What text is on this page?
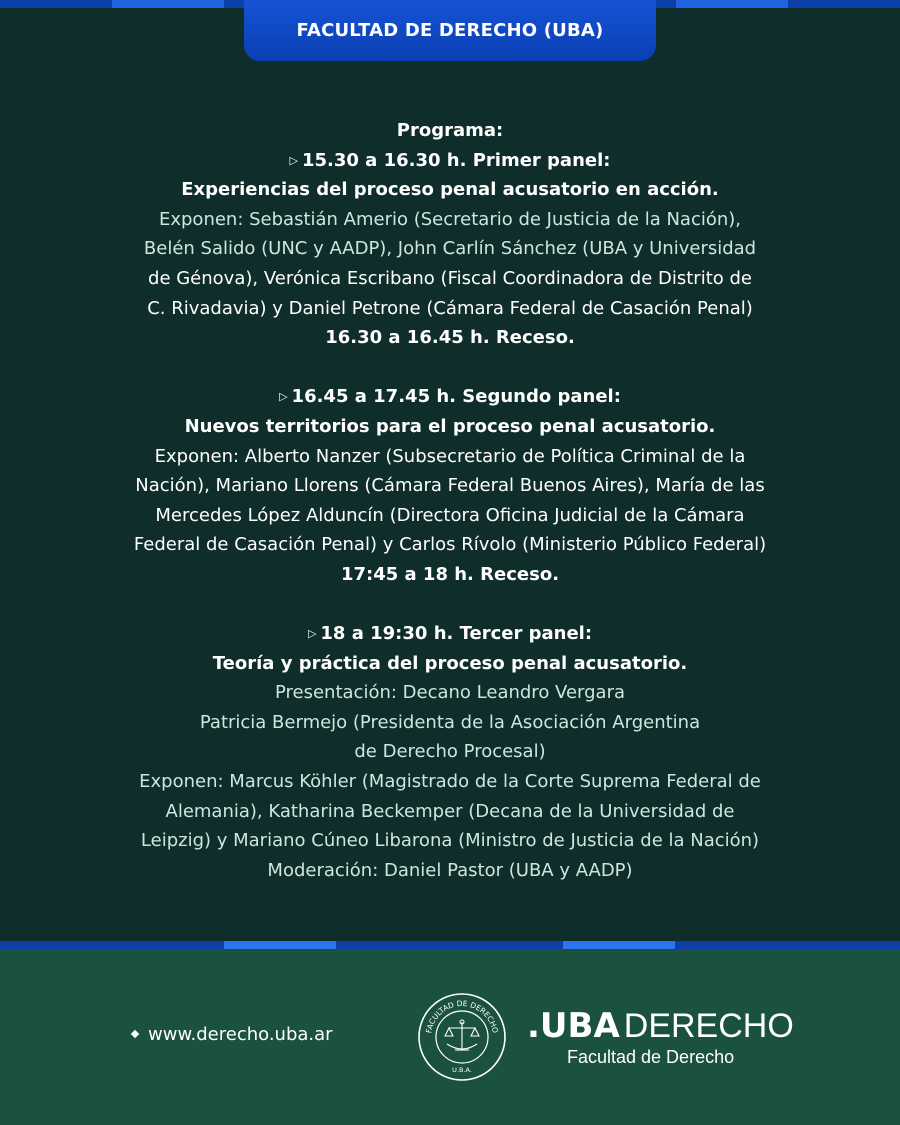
FACULTAD DE DERECHO (UBA)
Programa:
▷ 15.30 a 16.30 h. Primer panel:
Experiencias del proceso penal acusatorio en acción.
Exponen: Sebastián Amerio (Secretario de Justicia de la Nación),
Belén Salido (UNC y AADP), John Carlín Sánchez (UBA y Universidad
de Génova), Verónica Escribano (Fiscal Coordinadora de Distrito de
C. Rivadavia) y Daniel Petrone (Cámara Federal de Casación Penal)
16.30 a 16.45 h. Receso.
▷ 16.45 a 17.45 h. Segundo panel:
Nuevos territorios para el proceso penal acusatorio.
Exponen: Alberto Nanzer (Subsecretario de Política Criminal de la
Nación), Mariano Llorens (Cámara Federal Buenos Aires), María de las
Mercedes López Alduncín (Directora Oficina Judicial de la Cámara
Federal de Casación Penal) y Carlos Rívolo (Ministerio Público Federal)
17:45 a 18 h. Receso.
▷ 18 a 19:30 h. Tercer panel:
Teoría y práctica del proceso penal acusatorio.
Presentación: Decano Leandro Vergara
Patricia Bermejo (Presidenta de la Asociación Argentina
de Derecho Procesal)
Exponen: Marcus Köhler (Magistrado de la Corte Suprema Federal de
Alemania), Katharina Beckemper (Decana de la Universidad de
Leipzig) y Mariano Cúneo Libarona (Ministro de Justicia de la Nación)
Moderación: Daniel Pastor (UBA y AADP)
www.derecho.uba.ar	FACULTAD DE DERECHO
U.B.A.
.UBA DERECHO
Facultad de Derecho
